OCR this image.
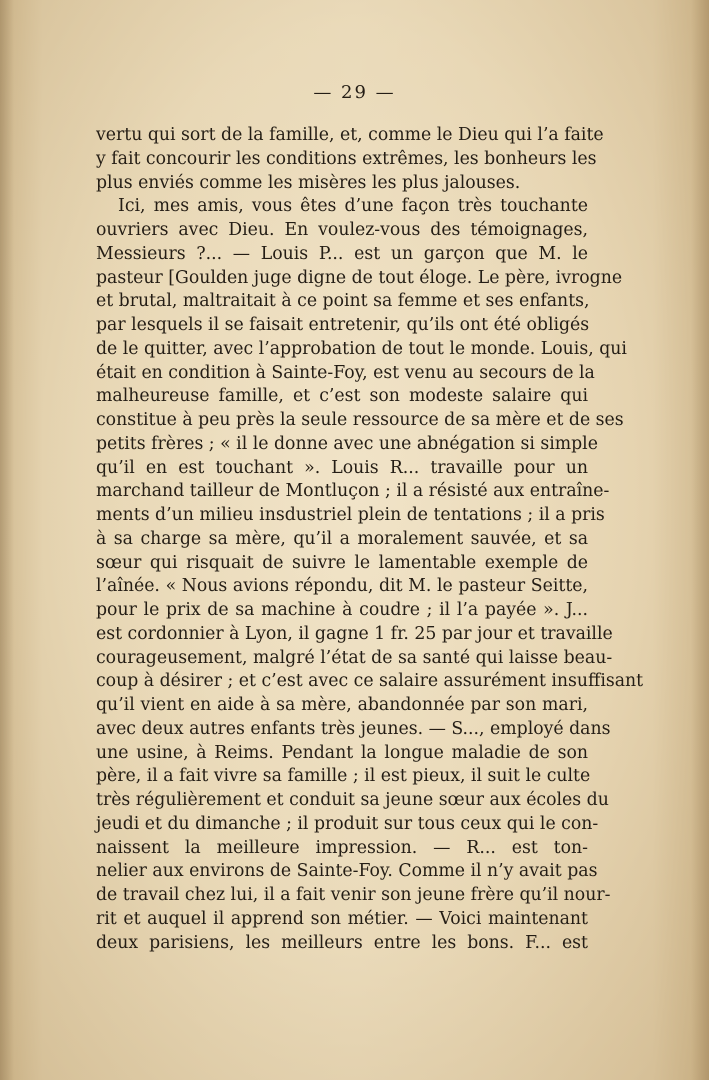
— 29 —
vertu qui sort de la famille, et, comme le Dieu qui l’a faite
y fait concourir les conditions extrêmes, les bonheurs les
plus enviés comme les misères les plus jalouses.
Ici, mes amis, vous êtes d’une façon très touchante
ouvriers avec Dieu. En voulez-vous des témoignages,
Messieurs ?... — Louis P... est un garçon que M. le
pasteur [Goulden juge digne de tout éloge. Le père, ivrogne
et brutal, maltraitait à ce point sa femme et ses enfants,
par lesquels il se faisait entretenir, qu’ils ont été obligés
de le quitter, avec l’approbation de tout le monde. Louis, qui
était en condition à Sainte-Foy, est venu au secours de la
malheureuse famille, et c’est son modeste salaire qui
constitue à peu près la seule ressource de sa mère et de ses
petits frères ; « il le donne avec une abnégation si simple
qu’il en est touchant ». Louis R... travaille pour un
marchand tailleur de Montluçon ; il a résisté aux entraîne-
ments d’un milieu insdustriel plein de tentations ; il a pris
à sa charge sa mère, qu’il a moralement sauvée, et sa
sœur qui risquait de suivre le lamentable exemple de
l’aînée. « Nous avions répondu, dit M. le pasteur Seitte,
pour le prix de sa machine à coudre ; il l’a payée ». J...
est cordonnier à Lyon, il gagne 1 fr. 25 par jour et travaille
courageusement, malgré l’état de sa santé qui laisse beau-
coup à désirer ; et c’est avec ce salaire assurément insuffisant
qu’il vient en aide à sa mère, abandonnée par son mari,
avec deux autres enfants très jeunes. — S..., employé dans
une usine, à Reims. Pendant la longue maladie de son
père, il a fait vivre sa famille ; il est pieux, il suit le culte
très régulièrement et conduit sa jeune sœur aux écoles du
jeudi et du dimanche ; il produit sur tous ceux qui le con-
naissent la meilleure impression. — R... est ton-
nelier aux environs de Sainte-Foy. Comme il n’y avait pas
de travail chez lui, il a fait venir son jeune frère qu’il nour-
rit et auquel il apprend son métier. — Voici maintenant
deux parisiens, les meilleurs entre les bons. F... est
